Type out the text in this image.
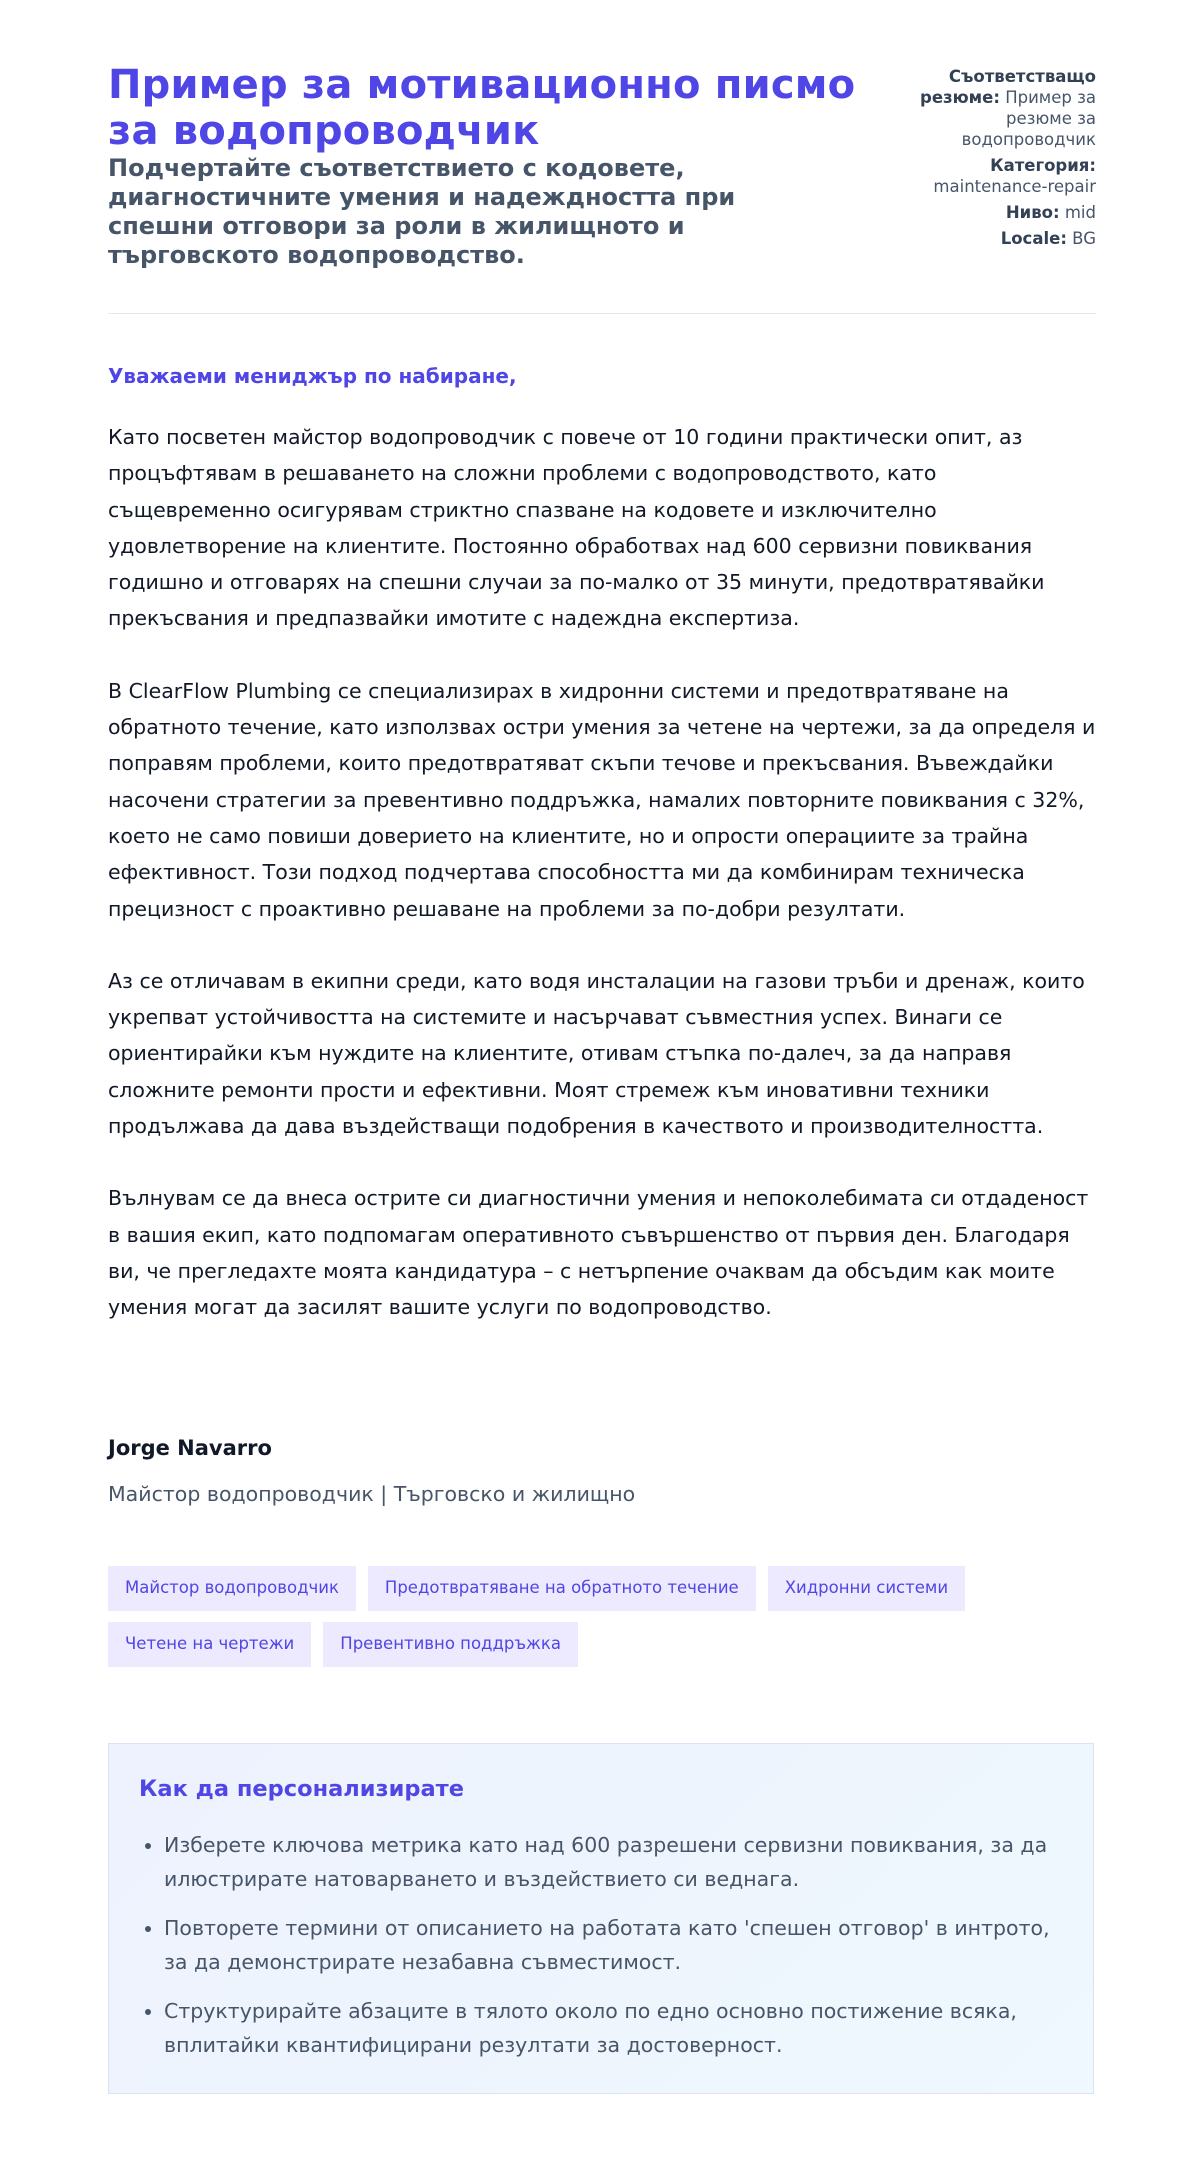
Пример за мотивационно писмо за водопроводчик

Подчертайте съответствието с кодовете, диагностичните умения и надеждността при спешни отговори за роли в жилищното и търговското водопроводство.

Съответстващо резюме: Пример за резюме за водопроводчик
Категория:
maintenance-repair
Ниво: mid
Locale: BG

Уважаеми мениджър по набиране,

Като посветен майстор водопроводчик с повече от 10 години практически опит, аз процъфтявам в решаването на сложни проблеми с водопроводството, като същевременно осигурявам стриктно спазване на кодовете и изключително удовлетворение на клиентите. Постоянно обработвах над 600 сервизни повиквания годишно и отговарях на спешни случаи за по-малко от 35 минути, предотвратявайки прекъсвания и предпазвайки имотите с надеждна експертиза.

В ClearFlow Plumbing се специализирах в хидронни системи и предотвратяване на обратното течение, като използвах остри умения за четене на чертежи, за да определя и поправям проблеми, които предотвратяват скъпи течове и прекъсвания. Въвеждайки насочени стратегии за превентивно поддръжка, намалих повторните повиквания с 32%, което не само повиши доверието на клиентите, но и опрости операциите за трайна ефективност. Този подход подчертава способността ми да комбинирам техническа прецизност с проактивно решаване на проблеми за по-добри резултати.

Аз се отличавам в екипни среди, като водя инсталации на газови тръби и дренаж, които укрепват устойчивостта на системите и насърчават съвместния успех. Винаги се ориентирайки към нуждите на клиентите, отивам стъпка по-далеч, за да направя сложните ремонти прости и ефективни. Моят стремеж към иновативни техники продължава да дава въздействащи подобрения в качеството и производителността.

Вълнувам се да внеса острите си диагностични умения и непоколебимата си отдаденост в вашия екип, като подпомагам оперативното съвършенство от първия ден. Благодаря ви, че прегледахте моята кандидатура – с нетърпение очаквам да обсъдим как моите умения могат да засилят вашите услуги по водопроводство.

Jorge Navarro

Майстор водопроводчик | Търговско и жилищно

Майстор водопроводчик	Предотвратяване на обратното течение	Хидронни системи
Четене на чертежи	Превентивно поддръжка
Как да персонализирате
• Изберете ключова метрика като над 600 разрешени сервизни повиквания, за да илюстрирате натоварването и въздействието си веднага.
• Повторете термини от описанието на работата като 'спешен отговор' в интрото, за да демонстрирате незабавна съвместимост.
• Структурирайте абзаците в тялото около по едно основно постижение всяка, вплитайки квантифицирани резултати за достоверност.
